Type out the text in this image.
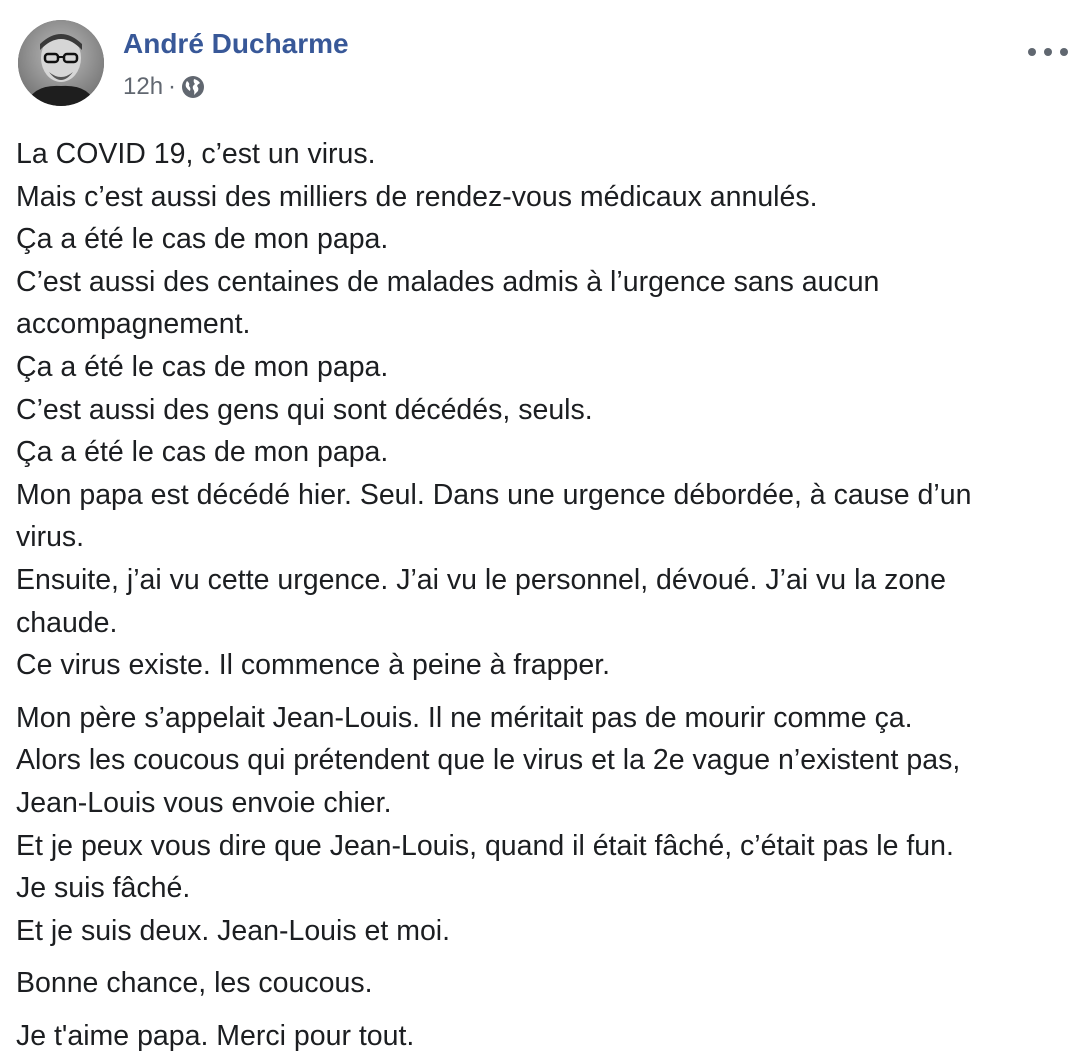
André Ducharme
12h ·

La COVID 19, c’est un virus.
Mais c’est aussi des milliers de rendez-vous médicaux annulés.
Ça a été le cas de mon papa.
C’est aussi des centaines de malades admis à l’urgence sans aucun
accompagnement.
Ça a été le cas de mon papa.
C’est aussi des gens qui sont décédés, seuls.
Ça a été le cas de mon papa.
Mon papa est décédé hier. Seul. Dans une urgence débordée, à cause d’un
virus.
Ensuite, j’ai vu cette urgence. J’ai vu le personnel, dévoué. J’ai vu la zone
chaude.
Ce virus existe. Il commence à peine à frapper.

Mon père s’appelait Jean-Louis. Il ne méritait pas de mourir comme ça.
Alors les coucous qui prétendent que le virus et la 2e vague n’existent pas,
Jean-Louis vous envoie chier.
Et je peux vous dire que Jean-Louis, quand il était fâché, c’était pas le fun.
Je suis fâché.
Et je suis deux. Jean-Louis et moi.

Bonne chance, les coucous.

Je t'aime papa. Merci pour tout.
